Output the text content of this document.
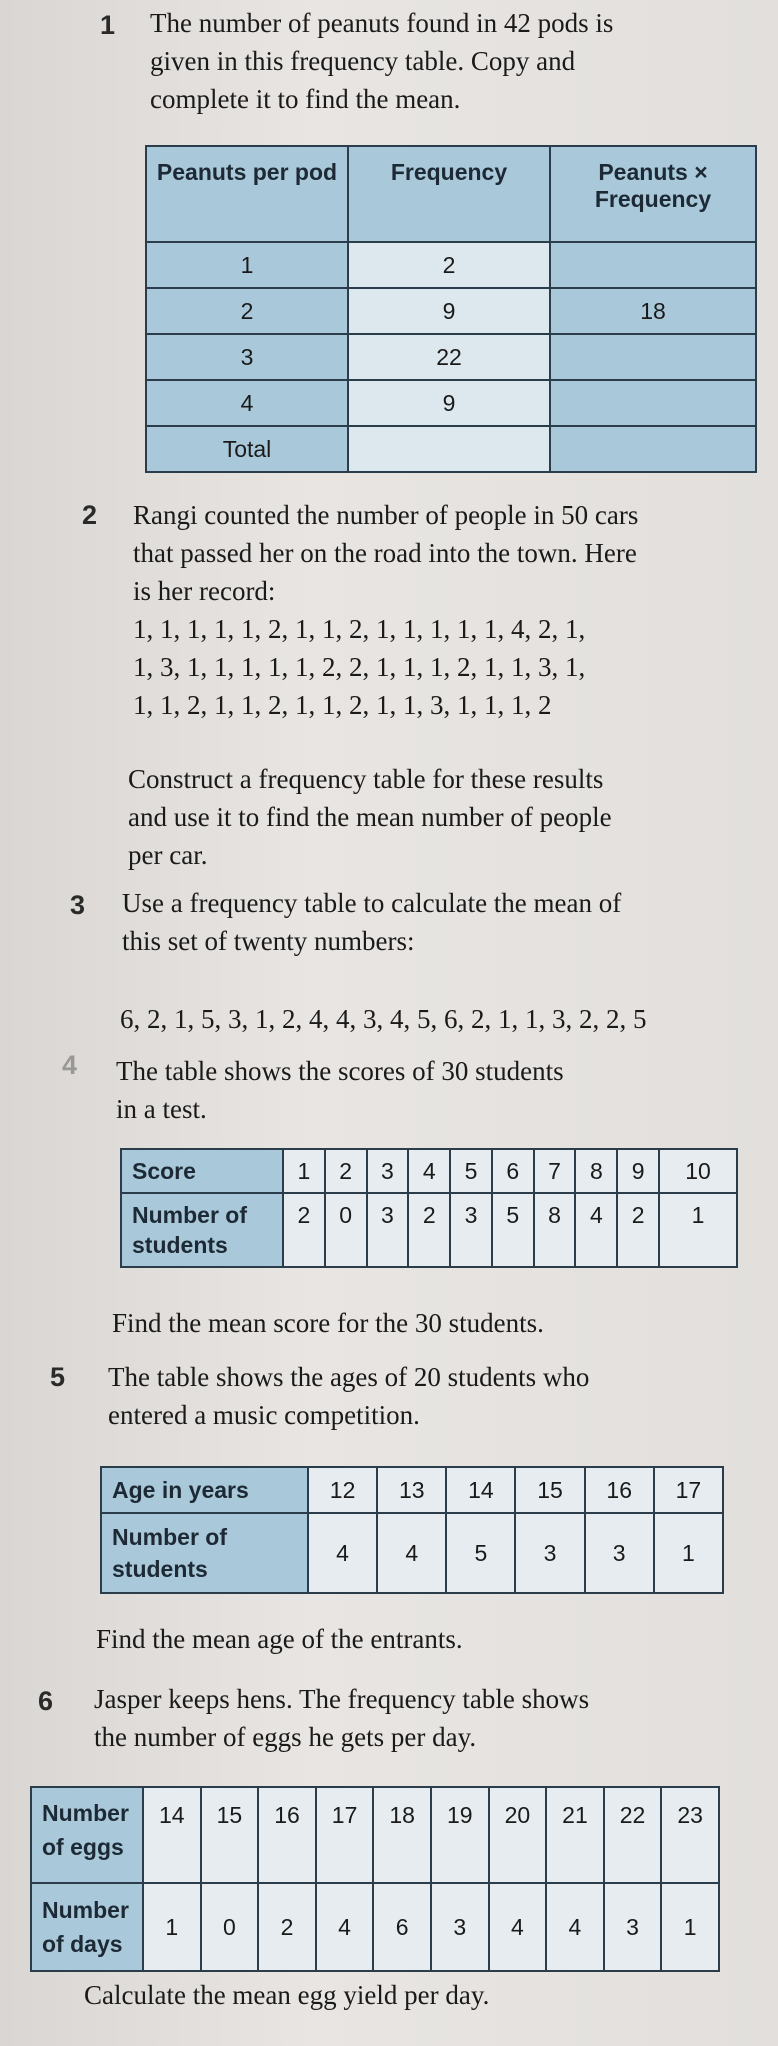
1 The number of peanuts found in 42 pods is
given in this frequency table. Copy and
complete it to find the mean.
Peanuts per pod	Frequency	Peanuts × Frequency
1	2	
2	9	18
3	22	
4	9	
Total		
2 Rangi counted the number of people in 50 cars
that passed her on the road into the town. Here
is her record:
1, 1, 1, 1, 1, 2, 1, 1, 2, 1, 1, 1, 1, 1, 4, 2, 1,
1, 3, 1, 1, 1, 1, 1, 2, 2, 1, 1, 1, 2, 1, 1, 3, 1,
1, 1, 2, 1, 1, 2, 1, 1, 2, 1, 1, 3, 1, 1, 1, 2
Construct a frequency table for these results
and use it to find the mean number of people
per car.
3 Use a frequency table to calculate the mean of
this set of twenty numbers:
6, 2, 1, 5, 3, 1, 2, 4, 4, 3, 4, 5, 6, 2, 1, 1, 3, 2, 2, 5
4 The table shows the scores of 30 students
in a test.
Score	1	2	3	4	5	6	7	8	9	10
Number of students	2	0	3	2	3	5	8	4	2	1
Find the mean score for the 30 students.
5 The table shows the ages of 20 students who
entered a music competition.
Age in years	12	13	14	15	16	17
Number of students	4	4	5	3	3	1
Find the mean age of the entrants.
6 Jasper keeps hens. The frequency table shows
the number of eggs he gets per day.
Number of eggs	14	15	16	17	18	19	20	21	22	23
Number of days	1	0	2	4	6	3	4	4	3	1
Calculate the mean egg yield per day.
